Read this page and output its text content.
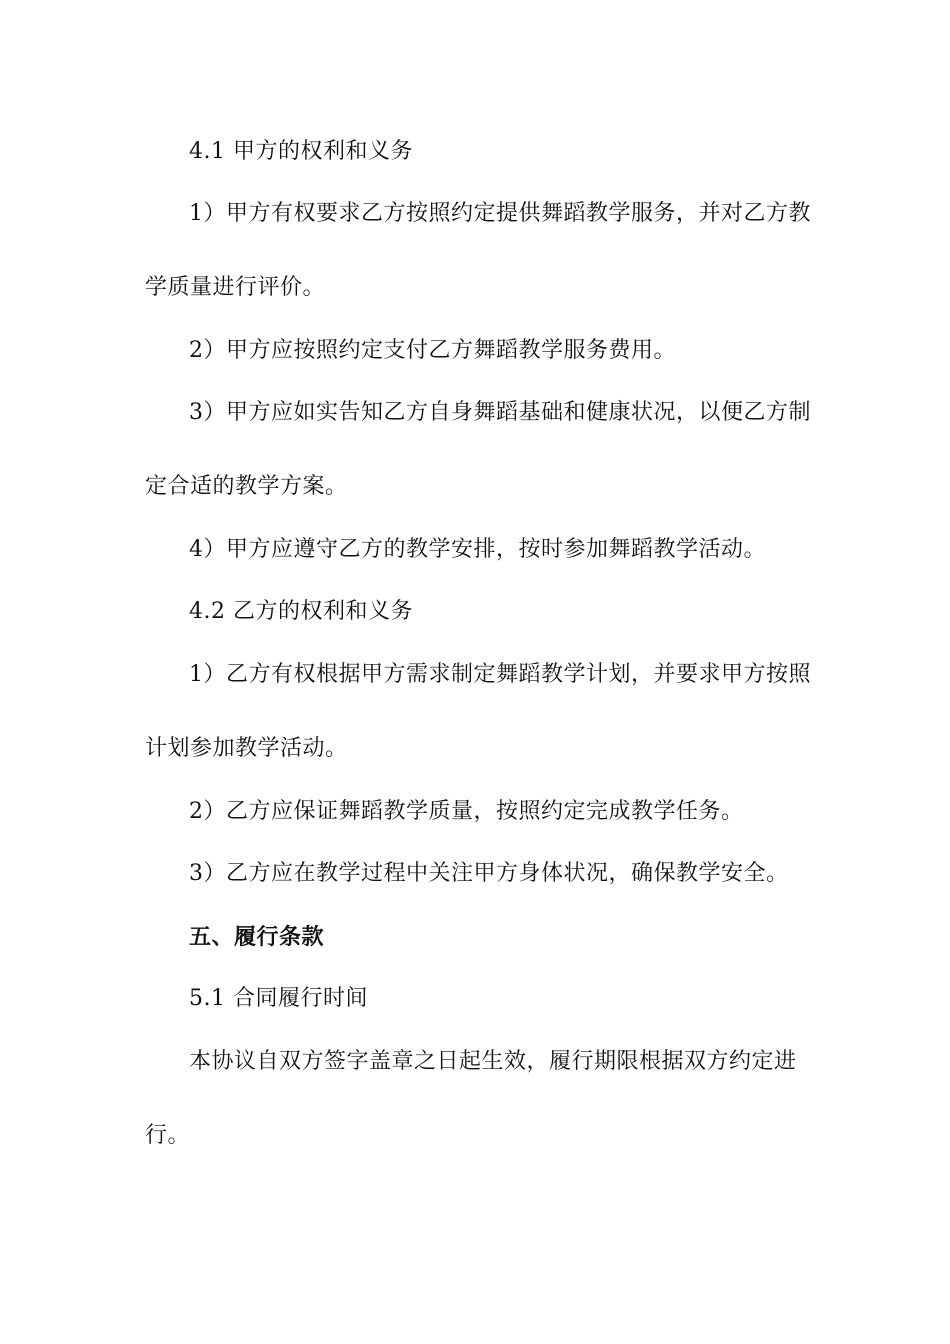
4.1 甲方的权利和义务
1）甲方有权要求乙方按照约定提供舞蹈教学服务，并对乙方教
学质量进行评价。
2）甲方应按照约定支付乙方舞蹈教学服务费用。
3）甲方应如实告知乙方自身舞蹈基础和健康状况，以便乙方制
定合适的教学方案。
4）甲方应遵守乙方的教学安排，按时参加舞蹈教学活动。
4.2 乙方的权利和义务
1）乙方有权根据甲方需求制定舞蹈教学计划，并要求甲方按照
计划参加教学活动。
2）乙方应保证舞蹈教学质量，按照约定完成教学任务。
3）乙方应在教学过程中关注甲方身体状况，确保教学安全。
五、履行条款
5.1 合同履行时间
本协议自双方签字盖章之日起生效，履行期限根据双方约定进
行。
